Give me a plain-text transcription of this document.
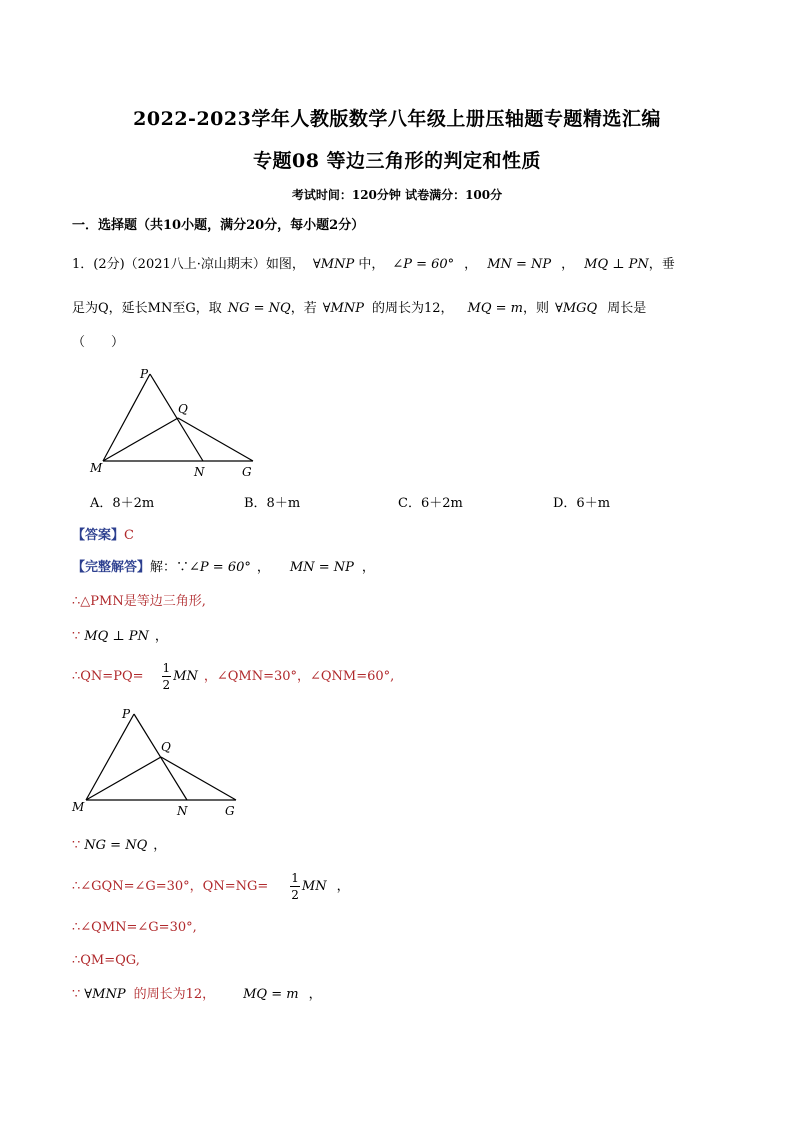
2022-2023学年人教版数学八年级上册压轴题专题精选汇编
专题08 等边三角形的判定和性质
考试时间：120分钟 试卷满分：100分
一．选择题（共10小题，满分20分，每小题2分）
1．(2分)（2021八上·凉山期末）如图， ∀MNP 中， ∠P = 60° ， MN = NP ， MQ ⊥ PN，垂
足为Q，延长MN至G，取 NG = NQ，若 ∀MNP 的周长为12， MQ = m，则 ∀MGQ 周长是
（　　）
P
Q
M	N	G
A．8＋2m	B．8＋m	C．6＋2m	D．6＋m
【答案】C
【完整解答】解：∵∠P = 60° ， MN = NP ，
∴△PMN是等边三角形,
∵ MQ ⊥ PN ，
∴QN=PQ= $\frac{1}{2}$ MN ，∠QMN=30°，∠QNM=60°,
P
Q
M	N	G
∵ NG = NQ ，
∴∠GQN=∠G=30°，$QN=NG= \frac{1}{2}$ MN ，
∴∠QMN=∠G=30°,
∴QM=QG,
∵ ∀MNP 的周长为12， MQ = m ，
